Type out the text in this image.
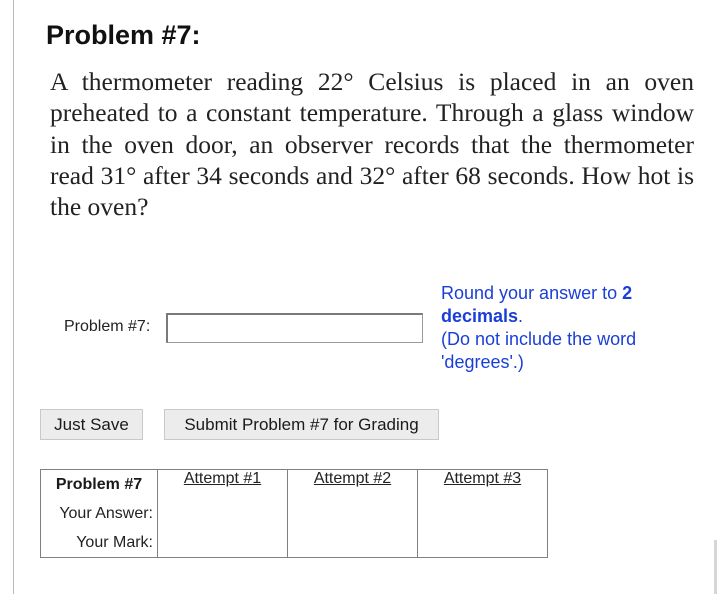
Problem #7:

A thermometer reading 22° Celsius is placed in an oven preheated to a constant temperature. Through a glass window in the oven door, an observer records that the thermometer read 31° after 34 seconds and 32° after 68 seconds. How hot is the oven?

Problem #7:
Round your answer to 2 decimals.
(Do not include the word 'degrees'.)
Just Save	Submit Problem #7 for Grading
Problem #7	Attempt #1	Attempt #2	Attempt #3
Your Answer:			
Your Mark:			
